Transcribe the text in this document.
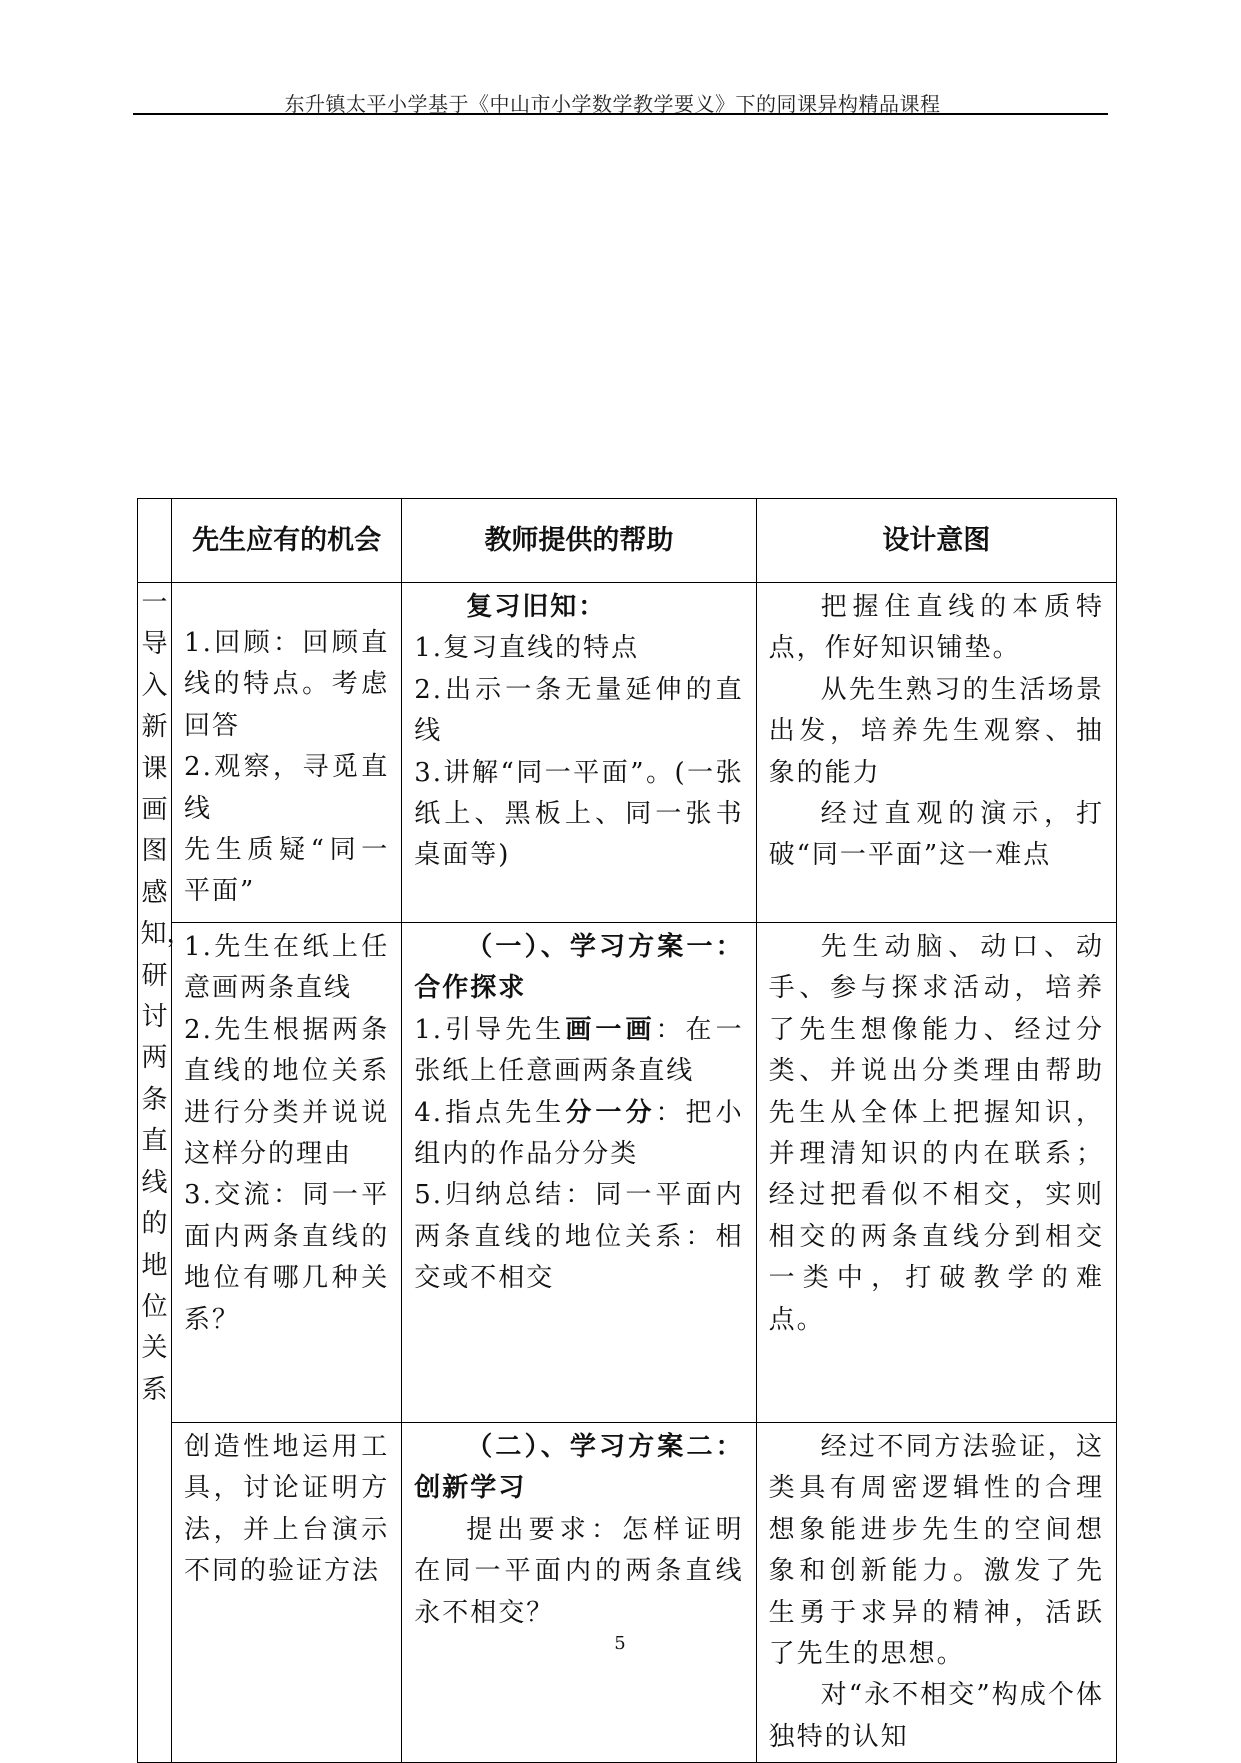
东升镇太平小学基于《中山市小学数学教学要义》下的同课异构精品课程
	先生应有的机会	教师提供的帮助	设计意图

一导入新课画图感知，研讨两条直线的地位关系	1.回顾：回顾直线的特点。考虑回答
2.观察，寻觅直线
先生质疑“同一平面”	复习旧知：
1.复习直线的特点
2.出示一条无量延伸的直线
3.讲解“同一平面”。(一张纸上、黑板上、同一张书桌面等)	把握住直线的本质特点，作好知识铺垫。
从先生熟习的生活场景出发，培养先生观察、抽象的能力
经过直观的演示，打破“同一平面”这一难点

	1.先生在纸上任意画两条直线
2.先生根据两条直线的地位关系进行分类并说说这样分的理由
3.交流：同一平面内两条直线的地位有哪几种关系？	（一）、学习方案一：合作探求
1.引导先生画一画：在一张纸上任意画两条直线
4.指点先生分一分：把小组内的作品分分类
5.归纳总结：同一平面内两条直线的地位关系：相交或不相交	先生动脑、动口、动手、参与探求活动，培养了先生想像能力、经过分类、并说出分类理由帮助先生从全体上把握知识，并理清知识的内在联系；经过把看似不相交，实则相交的两条直线分到相交一类中，打破教学的难点。

	创造性地运用工具，讨论证明方法，并上台演示不同的验证方法	（二）、学习方案二：创新学习
提出要求：怎样证明在同一平面内的两条直线永不相交？	经过不同方法验证，这类具有周密逻辑性的合理想象能进步先生的空间想象和创新能力。激发了先生勇于求异的精神，活跃了先生的思想。
对“永不相交”构成个体独特的认知
5
